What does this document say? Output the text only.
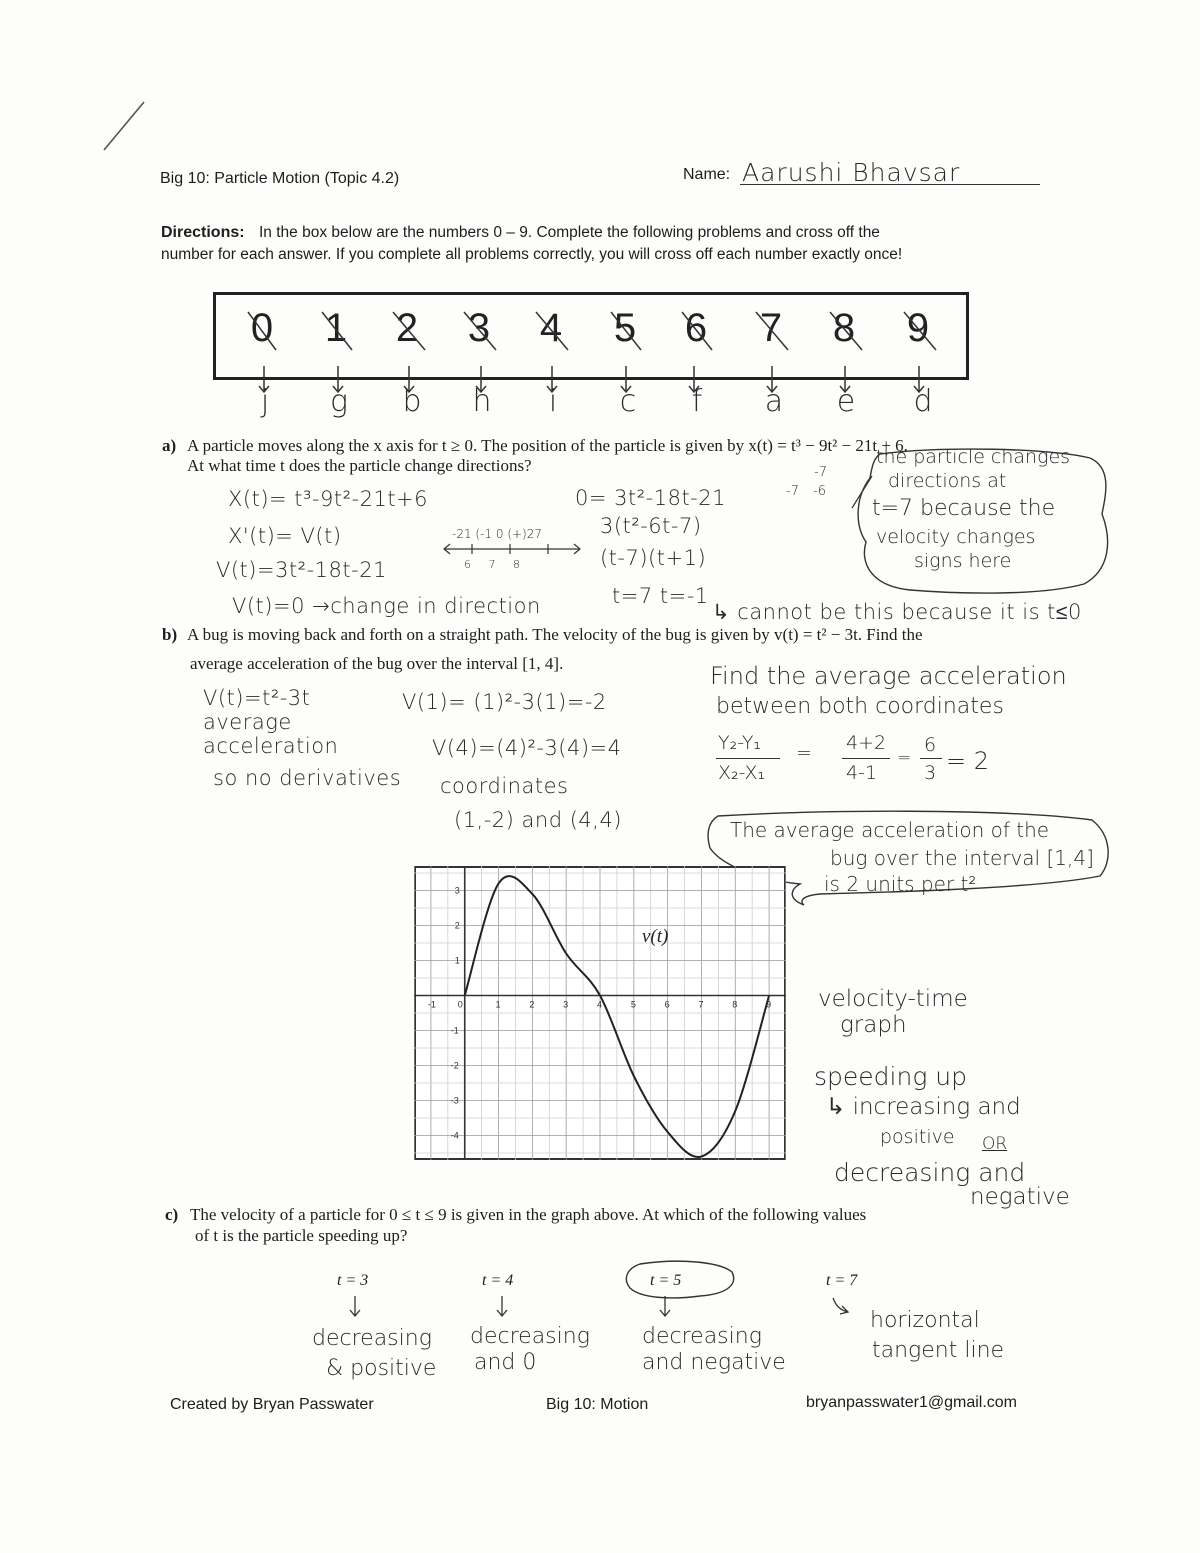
Big 10: Particle Motion (Topic 4.2)	Name: Aarushi Bhavsar
Directions: In the box below are the numbers 0 – 9. Complete the following problems and cross off the
number for each answer. If you complete all problems correctly, you will cross off each number exactly once!
0 1 2 3 4 5 6 7 8 9
j	g	b	h	i	c	f	a	e	d
a) A particle moves along the x axis for t ≥ 0. The position of the particle is given by x(t) = t³ − 9t² − 21t + 6.
At what time t does the particle change directions?
X(t)= t³-9t²-21t+6
X'(t)= V(t)
V(t)=3t²-18t-21
V(t)=0 →change in direction
-21 (-1 0 (+)27
6 7 8
0= 3t²-18t-21
3(t²-6t-7)
(t-7)(t+1)
t=7 t=-1
↳ cannot be this because it is t≤0
-7
-7 -6
the particle changes
directions at
t=7 because the
velocity changes
signs here
b) A bug is moving back and forth on a straight path. The velocity of the bug is given by v(t) = t² − 3t. Find the
average acceleration of the bug over the interval [1, 4].
V(t)=t²-3t
average
acceleration
so no derivatives
V(1)= (1)²-3(1)=-2
V(4)=(4)²-3(4)=4
coordinates
(1,-2) and (4,4)
Find the average acceleration
between both coordinates
Y₂-Y₁
X₂-X₁
= 4+2
4-1
=
6
3 = 2
The average acceleration of the
bug over the interval [1,4]
is 2 units per t²
-1 0	1	2	3	4	5	6	7	8	9
3
2
1
-1
-2
-3
-4
v(t)
velocity-time
graph
speeding up
↳ increasing and
positive OR
decreasing and
negative
c) The velocity of a particle for 0 ≤ t ≤ 9 is given in the graph above. At which of the following values
of t is the particle speeding up?
t = 3	t = 4	t = 5	t = 7
decreasing
& positive
decreasing
and 0
decreasing
and negative
horizontal
tangent line
Created by Bryan Passwater	Big 10: Motion	bryanpasswater1@gmail.com
